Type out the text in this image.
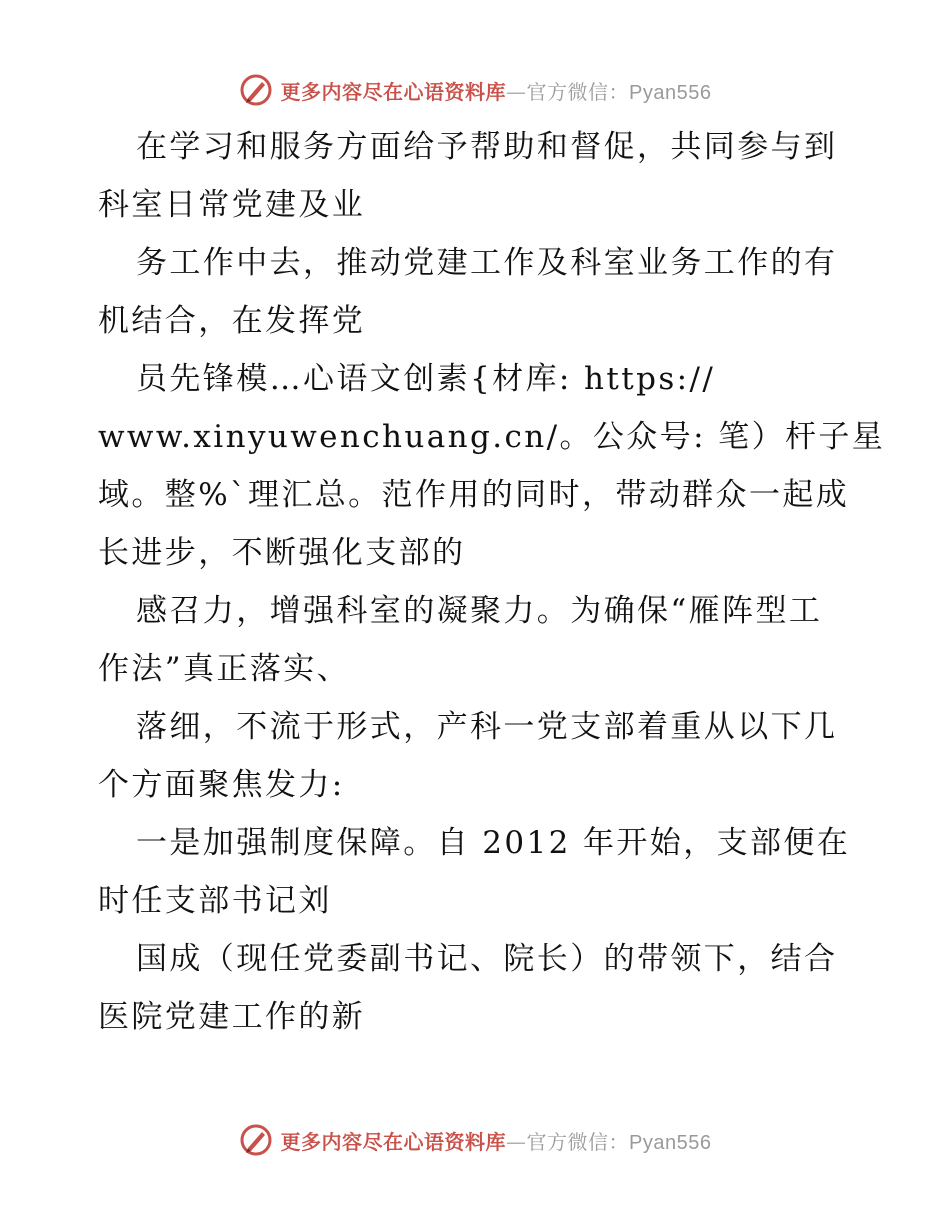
更多内容尽在心语资料库—官方微信：Pyan556
在学习和服务方面给予帮助和督促，共同参与到
科室日常党建及业
务工作中去，推动党建工作及科室业务工作的有
机结合，在发挥党
员先锋模…心语文创素{材库: https://
www.xinyuwenchuang.cn/。公众号: 笔）杆子星
域。整%`理汇总。范作用的同时，带动群众一起成
长进步，不断强化支部的
感召力，增强科室的凝聚力。为确保“雁阵型工
作法”真正落实、
落细，不流于形式，产科一党支部着重从以下几
个方面聚焦发力:
一是加强制度保障。自 2012 年开始，支部便在
时任支部书记刘
国成（现任党委副书记、院长）的带领下，结合
医院党建工作的新
更多内容尽在心语资料库—官方微信：Pyan556
